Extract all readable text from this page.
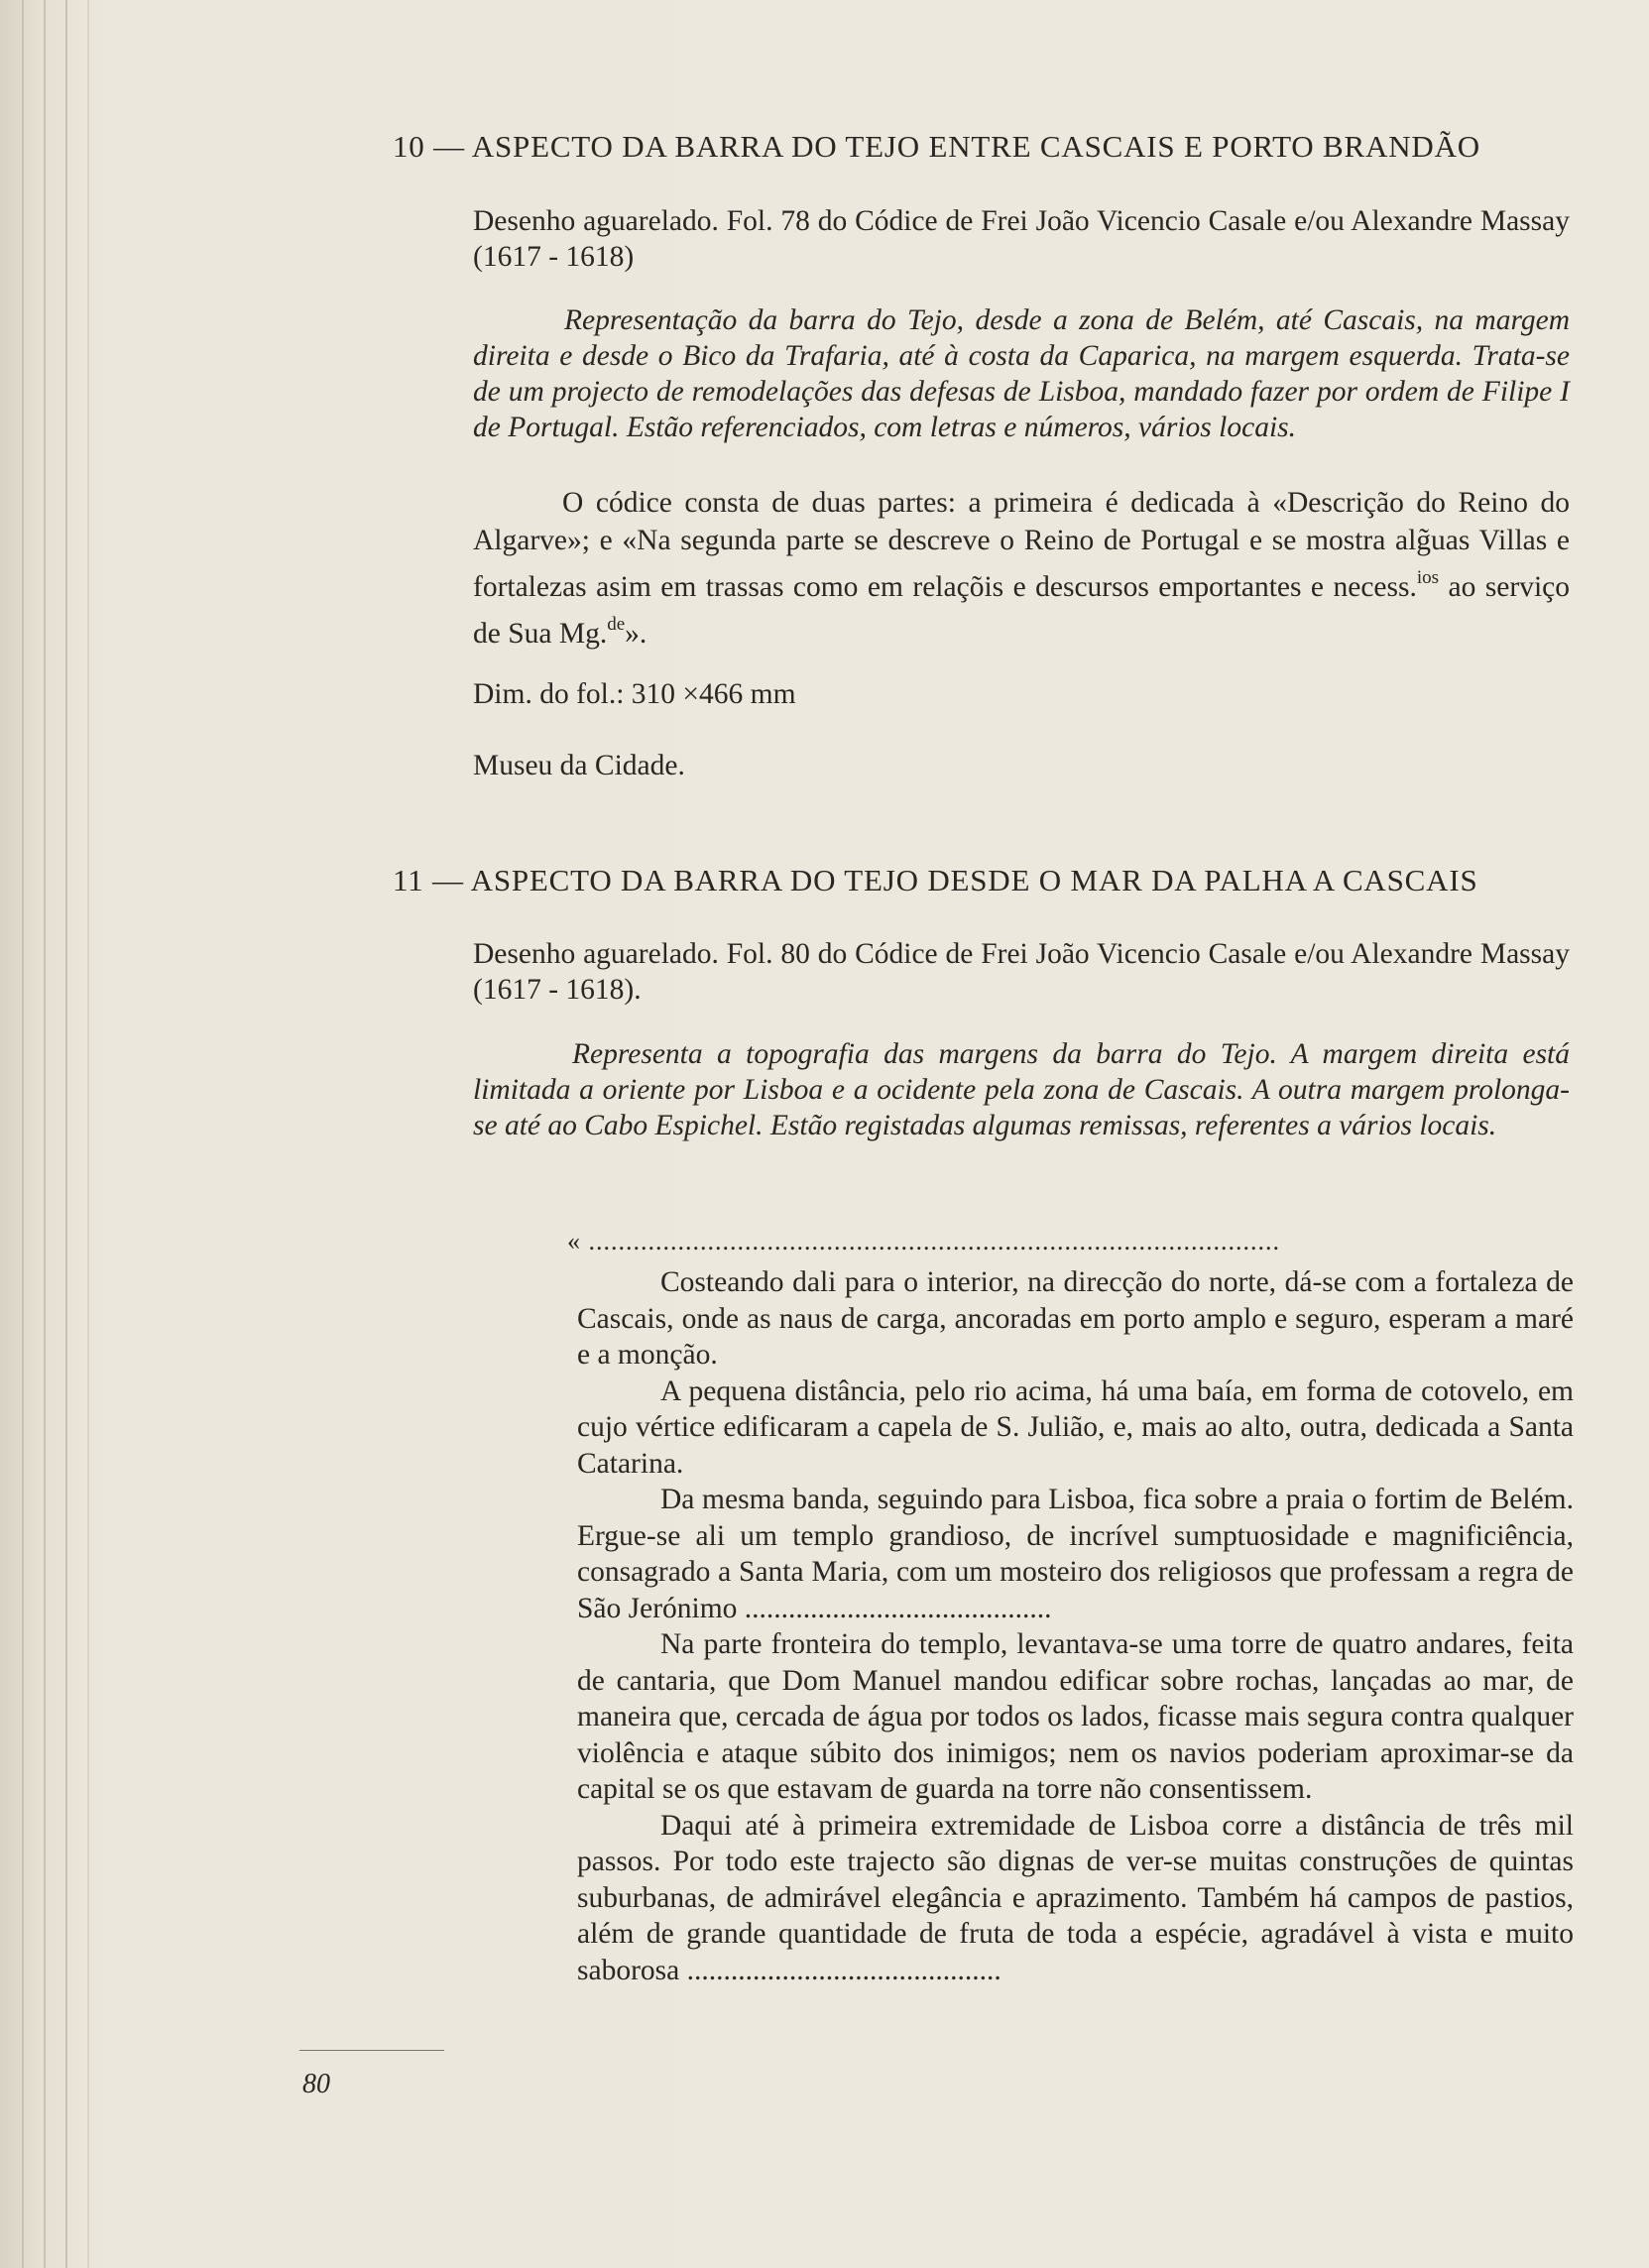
10 — ASPECTO DA BARRA DO TEJO ENTRE CASCAIS E PORTO BRANDÃO
Desenho aguarelado. Fol. 78 do Códice de Frei João Vicencio Casale e/ou Alexandre Massay (1617 - 1618)
Representação da barra do Tejo, desde a zona de Belém, até Cascais, na margem direita e desde o Bico da Trafaria, até à costa da Caparica, na margem esquerda. Trata-se de um projecto de remodelações das defesas de Lisboa, mandado fazer por ordem de Filipe I de Portugal. Estão referenciados, com letras e números, vários locais.
O códice consta de duas partes: a primeira é dedicada à «Descrição do Reino do Algarve»; e «Na segunda parte se descreve o Reino de Portugal e se mostra alg̃uas Villas e fortalezas asim em trassas como em relaçõis e descursos emportantes e necess.$^{ios}$ ao serviço de Sua Mg.$^{de}$».
Dim. do fol.: 310 ×466 mm
Museu da Cidade.
11 — ASPECTO DA BARRA DO TEJO DESDE O MAR DA PALHA A CASCAIS
Desenho aguarelado. Fol. 80 do Códice de Frei João Vicencio Casale e/ou Alexandre Massay (1617 - 1618).
Representa a topografia das margens da barra do Tejo. A margem direita está limitada a oriente por Lisboa e a ocidente pela zona de Cascais. A outra margem prolonga-se até ao Cabo Espichel. Estão registadas algumas remissas, referentes a vários locais.
« .............................................................................................

Costeando dali para o interior, na direcção do norte, dá-se com a fortaleza de Cascais, onde as naus de carga, ancoradas em porto amplo e seguro, esperam a maré e a monção.

A pequena distância, pelo rio acima, há uma baía, em forma de cotovelo, em cujo vértice edificaram a capela de S. Julião, e, mais ao alto, outra, dedicada a Santa Catarina.

Da mesma banda, seguindo para Lisboa, fica sobre a praia o fortim de Belém. Ergue-se ali um templo grandioso, de incrível sumptuosidade e magnificiência, consagrado a Santa Maria, com um mosteiro dos religiosos que professam a regra de São Jerónimo ..........................................

Na parte fronteira do templo, levantava-se uma torre de quatro andares, feita de cantaria, que Dom Manuel mandou edificar sobre rochas, lançadas ao mar, de maneira que, cercada de água por todos os lados, ficasse mais segura contra qualquer violência e ataque súbito dos inimigos; nem os navios poderiam aproximar-se da capital se os que estavam de guarda na torre não consentissem.

Daqui até à primeira extremidade de Lisboa corre a distância de três mil passos. Por todo este trajecto são dignas de ver-se muitas construções de quintas suburbanas, de admirável elegância e aprazimento. Também há campos de pastios, além de grande quantidade de fruta de toda a espécie, agradável à vista e muito saborosa ...........................................

80
